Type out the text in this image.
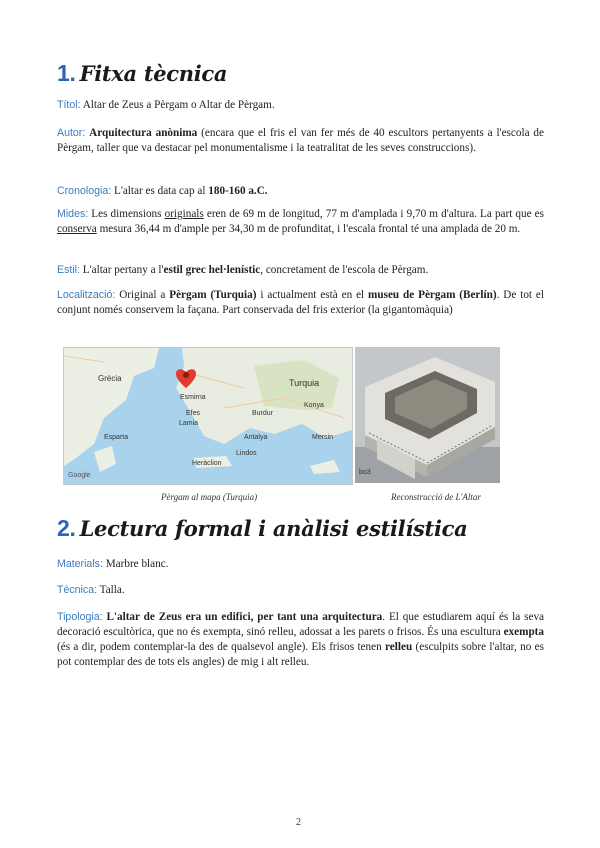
1. Fitxa tècnica

Títol: Altar de Zeus a Pèrgam o Altar de Pèrgam.

Autor: Arquitectura anònima (encara que el fris el van fer més de 40 escultors pertanyents a l'escola de Pèrgam, taller que va destacar pel monumentalisme i la teatralitat de les seves construccions).

Cronologia: L'altar es data cap al 180-160 a.C.

Mides: Les dimensions originals eren de 69 m de longitud, 77 m d'amplada i 9,70 m d'altura. La part que es conserva mesura 36,44 m d'ample per 34,30 m de profunditat, i l'escala frontal té una amplada de 20 m.

Estil: L'altar pertany a l'estil grec hel·lenístic, concretament de l'escola de Pèrgam.

Localització: Original a Pèrgam (Turquia) i actualment està en el museu de Pèrgam (Berlín). De tot el conjunt només conservem la façana. Part conservada del fris exterior (la gigantomàquia)

Grècia	Turquia
Esmirna
Lamia
Efes	Burdur
Antalya
Konya
Mersin
Esparta
Heràclion
Lindos
Google	bo3
Pèrgam al mapa (Turquia)	Reconstrucció de L'Altar
2. Lectura formal i anàlisi estilística

Materials: Marbre blanc.

Tècnica: Talla.

Tipologia: L'altar de Zeus era un edifici, per tant una arquitectura. El que estudiarem aquí és la seva decoració escultòrica, que no és exempta, sinó relleu, adossat a les parets o frisos. És una escultura exempta (és a dir, podem contemplar-la des de qualsevol angle). Els frisos tenen relleu (esculpits sobre l'altar, no es pot contemplar des de tots els angles) de mig i alt relleu.

2
